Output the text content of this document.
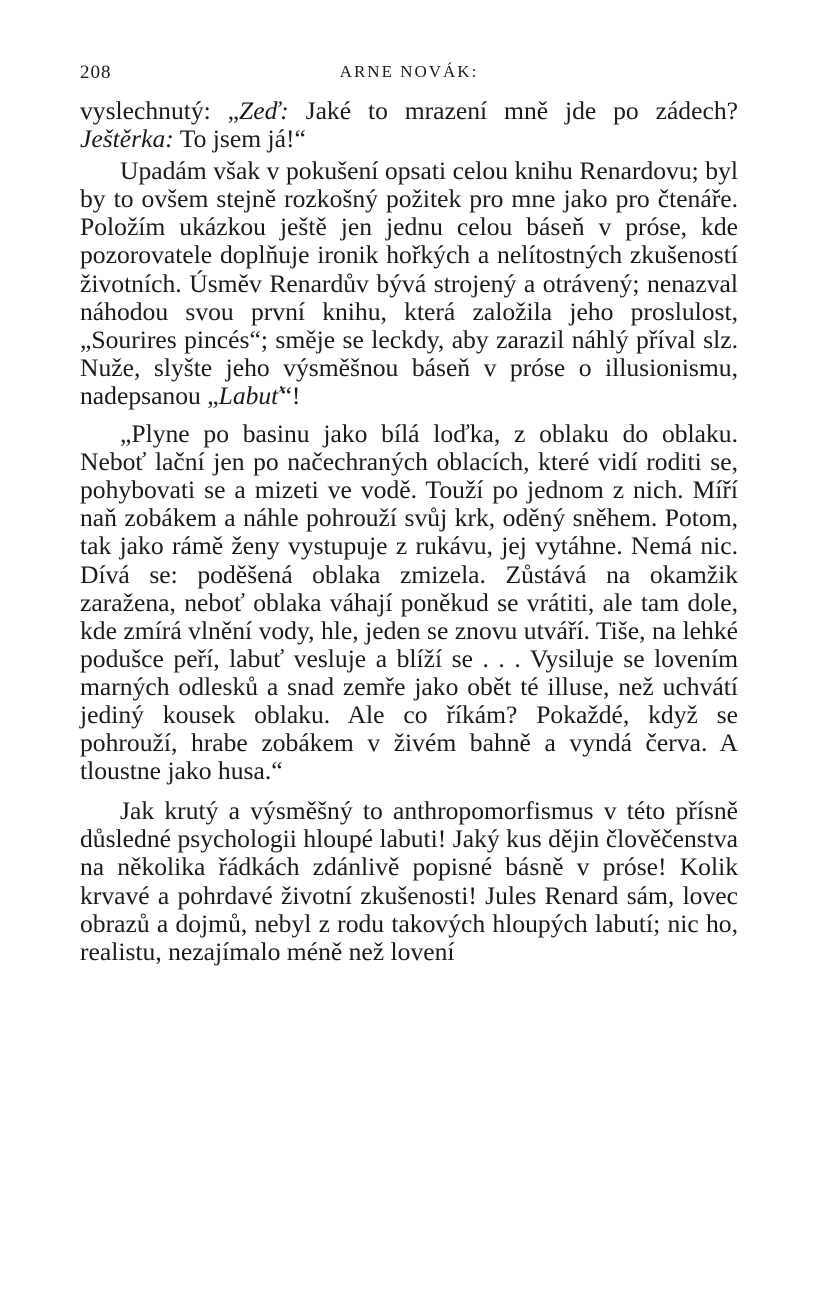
208	ARNE NOVÁK:

vyslechnutý: „Zeď: Jaké to mrazení mně jde po zádech? Ještěrka: To jsem já!“

Upadám však v pokušení opsati celou knihu Renardovu; byl by to ovšem stejně rozkošný požitek pro mne jako pro čtenáře. Položím ukázkou ještě jen jednu celou báseň v próse, kde pozorovatele doplňuje ironik hořkých a nelítostných zkušeností životních. Úsměv Renardův bývá strojený a otrávený; nenazval náhodou svou první knihu, která založila jeho proslulost, „Sourires pincés“; směje se leckdy, aby zarazil náhlý příval slz. Nuže, slyšte jeho výsměšnou báseň v próse o illusionismu, nadepsanou „Labuť“!

„Plyne po basinu jako bílá loďka, z oblaku do oblaku. Neboť lační jen po načechraných oblacích, které vidí roditi se, pohybovati se a mizeti ve vodě. Touží po jednom z nich. Míří naň zobákem a náhle pohrouží svůj krk, oděný sněhem. Potom, tak jako rámě ženy vystupuje z rukávu, jej vytáhne. Nemá nic. Dívá se: poděšená oblaka zmizela. Zůstává na okamžik zaražena, neboť oblaka váhají poněkud se vrátiti, ale tam dole, kde zmírá vlnění vody, hle, jeden se znovu utváří. Tiše, na lehké podušce peří, labuť vesluje a blíží se . . . Vysiluje se lovením marných odlesků a snad zemře jako obět té illuse, než uchvátí jediný kousek oblaku. Ale co říkám? Pokaždé, když se pohrouží, hrabe zobákem v živém bahně a vyndá červa. A tloustne jako husa.“

Jak krutý a výsměšný to anthropomorfismus v této přísně důsledné psychologii hloupé labuti! Jaký kus dějin člověčenstva na několika řádkách zdánlivě popisné básně v próse! Kolik krvavé a pohrdavé životní zkušenosti! Jules Renard sám, lovec obrazů a dojmů, nebyl z rodu takových hloupých labutí; nic ho, realistu, nezajímalo méně než lovení
